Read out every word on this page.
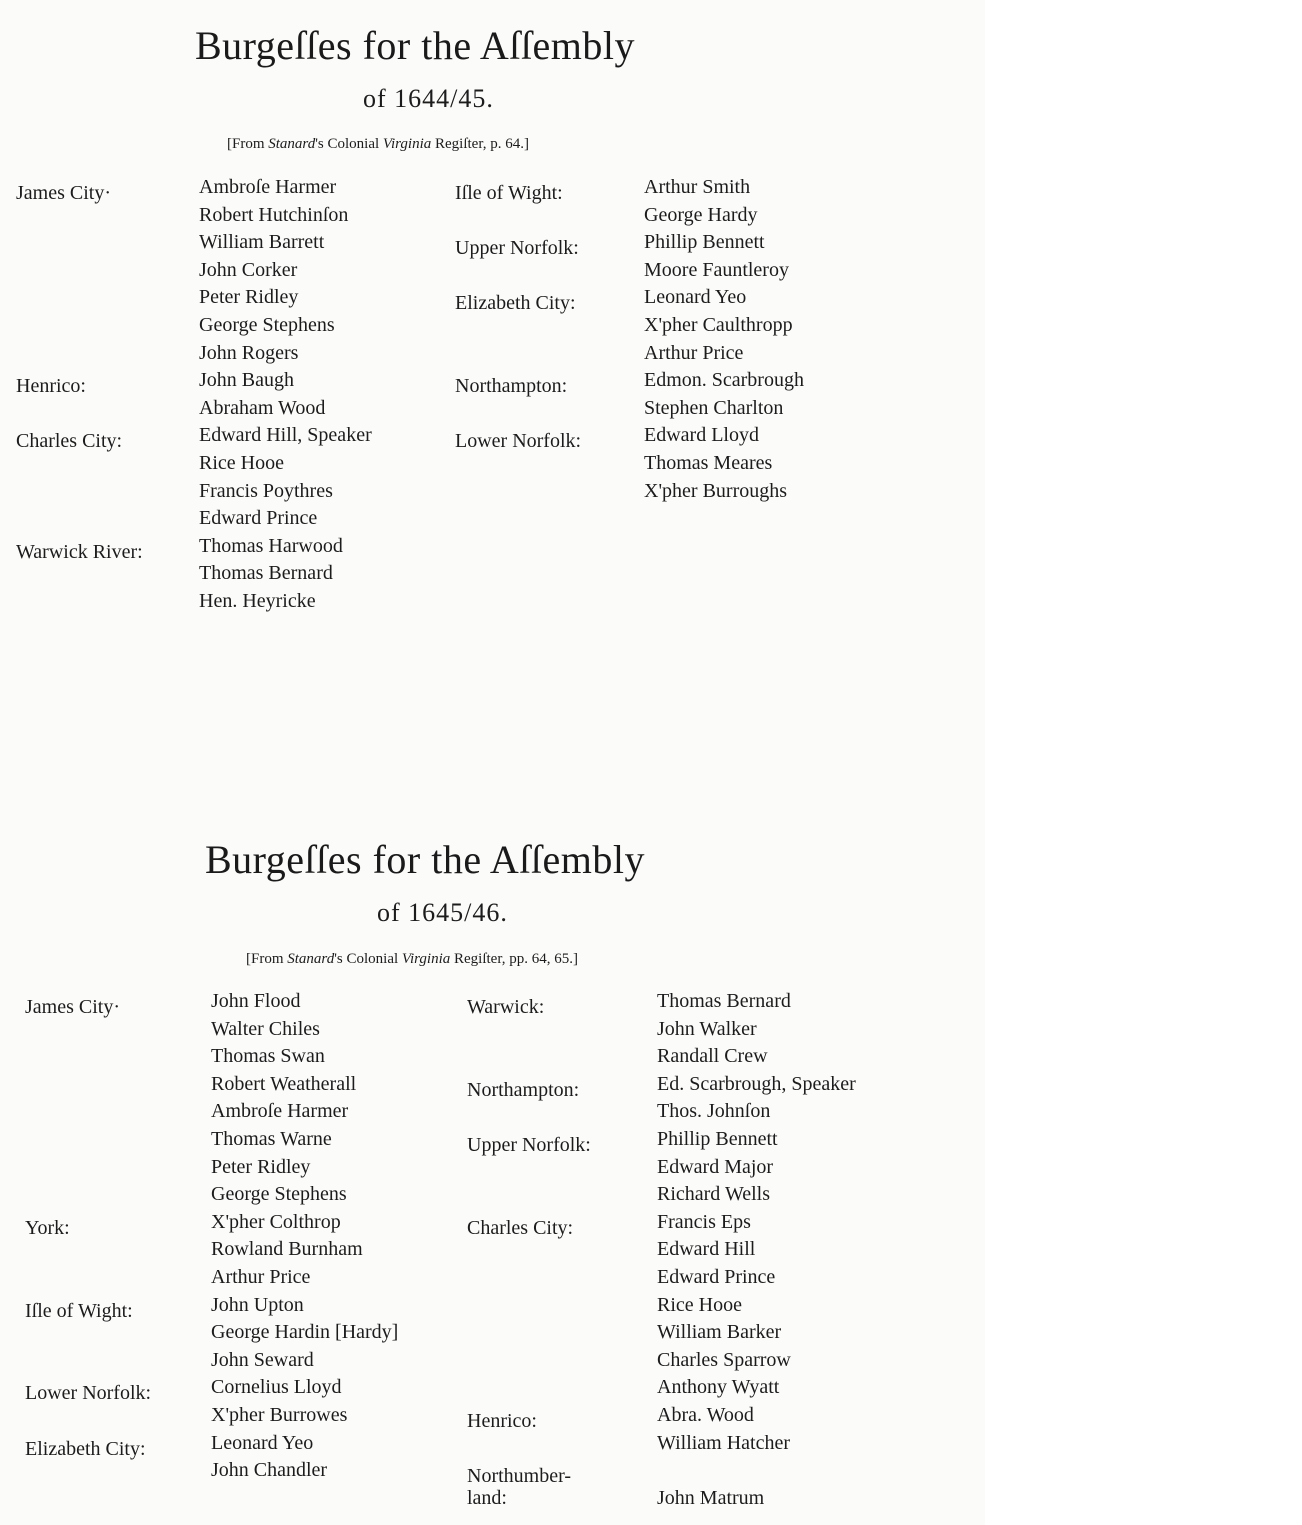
Burgeſſes for the Aſſembly
of 1644/45.
[From Stanard's Colonial Virginia Regiſter, p. 64.]
James City·	Ambroſe Harmer
Robert Hutchinſon
William Barrett
John Corker
Peter Ridley
George Stephens
John Rogers
Henrico:	John Baugh
Abraham Wood
Charles City:	Edward Hill, Speaker
Rice Hooe
Francis Poythres
Edward Prince
Warwick River:	Thomas Harwood
Thomas Bernard
Hen. Heyricke
Iſle of Wight:	Arthur Smith
George Hardy
Upper Norfolk:	Phillip Bennett
Moore Fauntleroy
Elizabeth City:	Leonard Yeo
X'pher Caulthropp
Arthur Price
Northampton:	Edmon. Scarbrough
Stephen Charlton
Lower Norfolk:	Edward Lloyd
Thomas Meares
X'pher Burroughs
Burgeſſes for the Aſſembly
of 1645/46.
[From Stanard's Colonial Virginia Regiſter, pp. 64, 65.]
James City·	John Flood
Walter Chiles
Thomas Swan
Robert Weatherall
Ambroſe Harmer
Thomas Warne
Peter Ridley
George Stephens
York:	X'pher Colthrop
Rowland Burnham
Arthur Price
Iſle of Wight:	John Upton
George Hardin [Hardy]
John Seward
Lower Norfolk:	Cornelius Lloyd
X'pher Burrowes
Elizabeth City:	Leonard Yeo
John Chandler
Warwick:	Thomas Bernard
John Walker
Randall Crew
Northampton:	Ed. Scarbrough, Speaker
Thos. Johnſon
Upper Norfolk:	Phillip Bennett
Edward Major
Richard Wells
Charles City:	Francis Eps
Edward Hill
Edward Prince
Rice Hooe
William Barker
Charles Sparrow
Anthony Wyatt
Henrico:	Abra. Wood
William Hatcher
Northumber-
land:	John Matrum
